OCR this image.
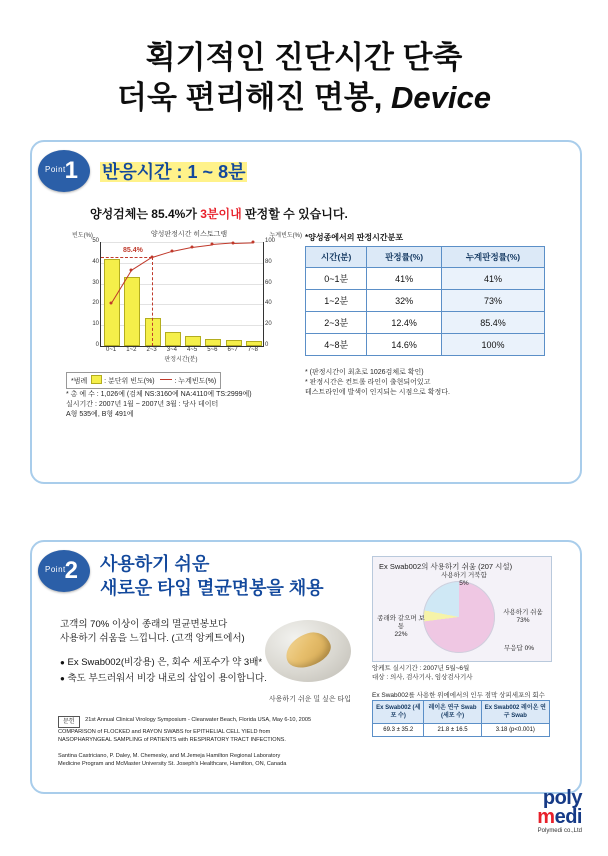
획기적인 진단시간 단축
더욱 편리해진 면봉, Device
Point
1 반응시간 : 1 ~ 8분
양성검체는 85.4%가 3분이내 판정할 수 있습니다.
양성판정시간 히스토그램
빈도(%)	누계빈도(%)
0
10
20
30
40
50
0
20
40
60
80
100
0~1 1~2 2~3 3~4 4~5 5~6 6~7 7~8
85.4%
판정시간(분)
*범례 : 분단위 빈도(%)	: 누계빈도(%)
* 총 예 수 : 1,026예 (검체 NS:3160예 NA:4110예 TS:2999예)
실시기간 : 2007년 1월 ~ 2007년 3월 : 당사 데이터
A형 535예, B형 491예
*양성종에서의 판정시간분포
시간(분)	판정률(%)	누계판정률(%)
0~1분	41%	41%
1~2분	32%	73%
2~3분	12.4%	85.4%
4~8분	14.6%	100%
* (판정시간이 최초로 1026검체로 확인)
* 판정시간은 컨트롤 라인이 출현되어있고
테스트라인에 발색이 인지되는 시점으로 확정다.
Point
2 사용하기 쉬운
새로운 타입 멸균면봉을 채용
고객의 70% 이상이 종래의 멸균면봉보다
사용하기 쉬움을 느낍니다. (고객 앙케트에서)
● Ex Swab002(비강용) 은, 회수 세포수가 약 3배*
● 축도 부드러워서 비강 내로의 삽입이 용이합니다.
사용하기 쉬운 밀 싶은 타입
Ex Swab002의 사용하기 쉬움 (207 시설)
사용하기 거북함
5%
종래와 같으며 보통
22%
사용하기 쉬움
73%
무응답 0%
앙케트 실시기간 : 2007년 5월~6월
대상 : 의사, 검사기사, 임상검사기사
Ex Swab002를 사용한 위에에서의 인두 점막 상피세포의 회수
Ex Swab002 (세포 수)	레이온 연구 Swab (세포 수)	Ex Swab002 레이온 연구 Swab
69.3 ± 35.2	21.8 ± 16.5	3.18 (p<0.001)
문헌 21st Annual Clinical Virology Symposium - Clearwater Beach, Florida USA, May 6-10, 2005
COMPARISON of FLOCKED and RAYON SWABS for EPITHELIAL CELL YIELD from
NASOPHARYNGEAL SAMPLING of PATIENTS with RESPIRATORY TRACT INFECTIONS.

Santina Castriciano, P. Daley, M. Chemesky, and M.Jemeja Hamilton Regional Laboratory
Medicine Program and McMaster University St. Joseph's Healthcare, Hamilton, ON, Canada
poly
medi
Polymedi co.,Ltd
